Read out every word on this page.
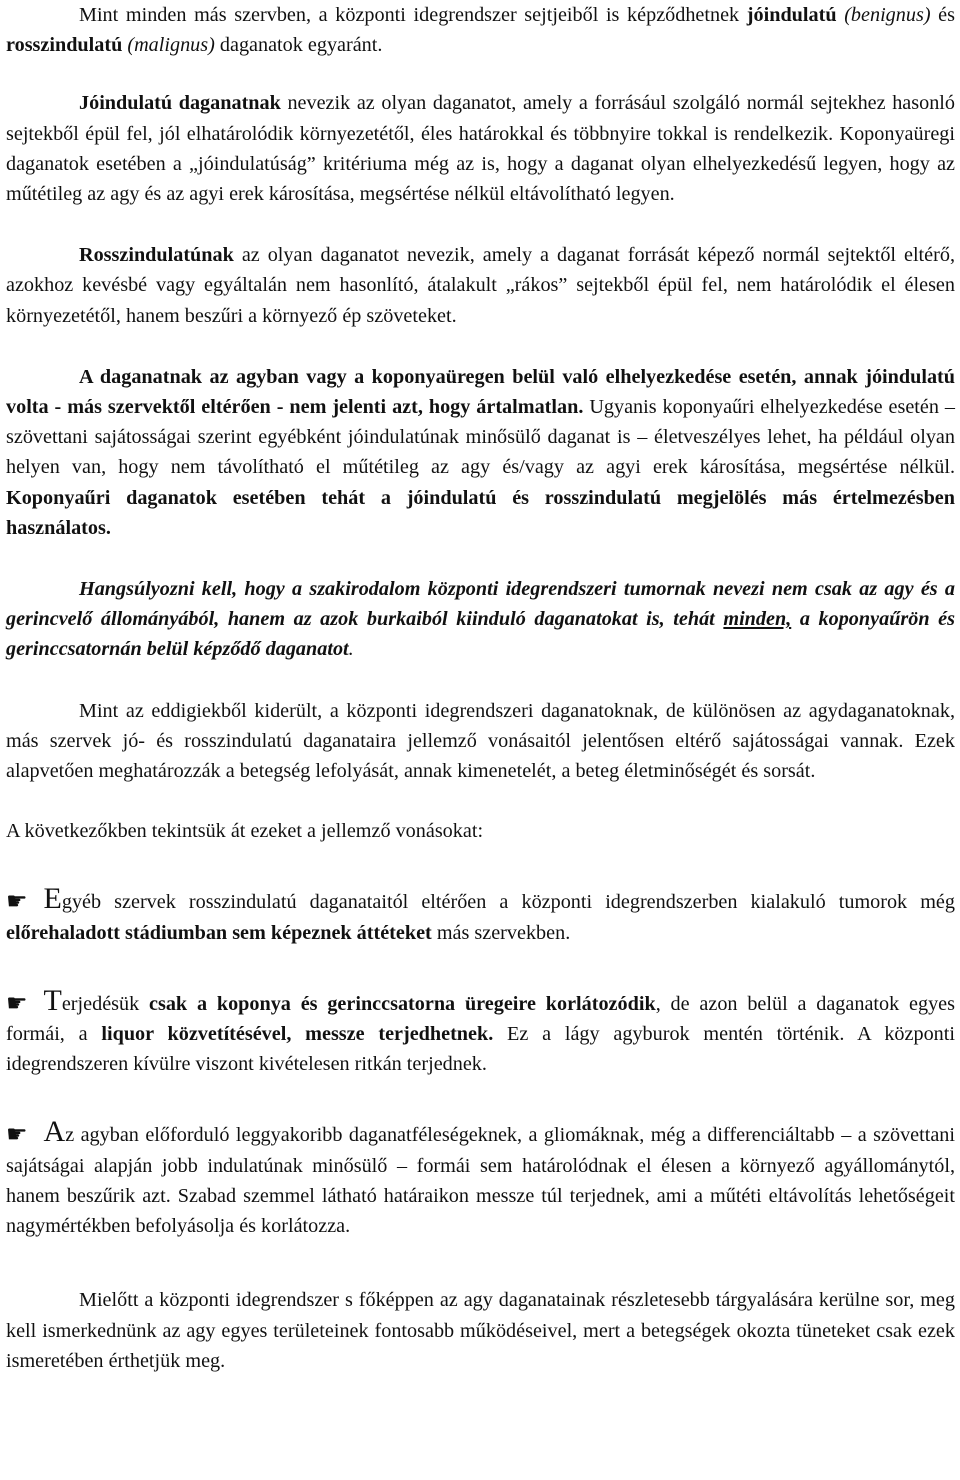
Mint minden más szervben, a központi idegrendszer sejtjeiből is képződhetnek jóindulatú (benignus) és rosszindulatú (malignus) daganatok egyaránt.

Jóindulatú daganatnak nevezik az olyan daganatot, amely a forrásául szolgáló normál sejtekhez hasonló sejtekből épül fel, jól elhatárolódik környezetétől, éles határokkal és többnyire tokkal is rendelkezik. Koponyaüregi daganatok esetében a „jóindulatúság” kritériuma még az is, hogy a daganat olyan elhelyezkedésű legyen, hogy az műtétileg az agy és az agyi erek károsítása, megsértése nélkül eltávolítható legyen.

Rosszindulatúnak az olyan daganatot nevezik, amely a daganat forrását képező normál sejtektől eltérő, azokhoz kevésbé vagy egyáltalán nem hasonlító, átalakult „rákos” sejtekből épül fel, nem határolódik el élesen környezetétől, hanem beszűri a környező ép szöveteket.

A daganatnak az agyban vagy a koponyaüregen belül való elhelyezkedése esetén, annak jóindulatú volta - más szervektől eltérően - nem jelenti azt, hogy ártalmatlan. Ugyanis koponyaűri elhelyezkedése esetén – szövettani sajátosságai szerint egyébként jóindulatúnak minősülő daganat is – életveszélyes lehet, ha például olyan helyen van, hogy nem távolítható el műtétileg az agy és/vagy az agyi erek károsítása, megsértése nélkül. Koponyaűri daganatok esetében tehát a jóindulatú és rosszindulatú megjelölés más értelmezésben használatos.

Hangsúlyozni kell, hogy a szakirodalom központi idegrendszeri tumornak nevezi nem csak az agy és a gerincvelő állományából, hanem az azok burkaiból kiinduló daganatokat is, tehát minden, a koponyaűrön és gerinccsatornán belül képződő daganatot.

Mint az eddigiekből kiderült, a központi idegrendszeri daganatoknak, de különösen az agydaganatoknak, más szervek jó- és rosszindulatú daganataira jellemző vonásaitól jelentősen eltérő sajátosságai vannak. Ezek alapvetően meghatározzák a betegség lefolyását, annak kimenetelét, a beteg életminőségét és sorsát.

A következőkben tekintsük át ezeket a jellemző vonásokat:

☛ Egyéb szervek rosszindulatú daganataitól eltérően a központi idegrendszerben kialakuló tumorok még előrehaladott stádiumban sem képeznek áttéteket más szervekben.

☛ Terjedésük csak a koponya és gerinccsatorna üregeire korlátozódik, de azon belül a daganatok egyes formái, a liquor közvetítésével, messze terjedhetnek. Ez a lágy agyburok mentén történik. A központi idegrendszeren kívülre viszont kivételesen ritkán terjednek.

☛ Az agyban előforduló leggyakoribb daganatféleségeknek, a gliomáknak, még a differenciáltabb – a szövettani sajátságai alapján jobb indulatúnak minősülő – formái sem határolódnak el élesen a környező agyállománytól, hanem beszűrik azt. Szabad szemmel látható határaikon messze túl terjednek, ami a műtéti eltávolítás lehetőségeit nagymértékben befolyásolja és korlátozza.

Mielőtt a központi idegrendszer s főképpen az agy daganatainak részletesebb tárgyalására kerülne sor, meg kell ismerkednünk az agy egyes területeinek fontosabb működéseivel, mert a betegségek okozta tüneteket csak ezek ismeretében érthetjük meg.
